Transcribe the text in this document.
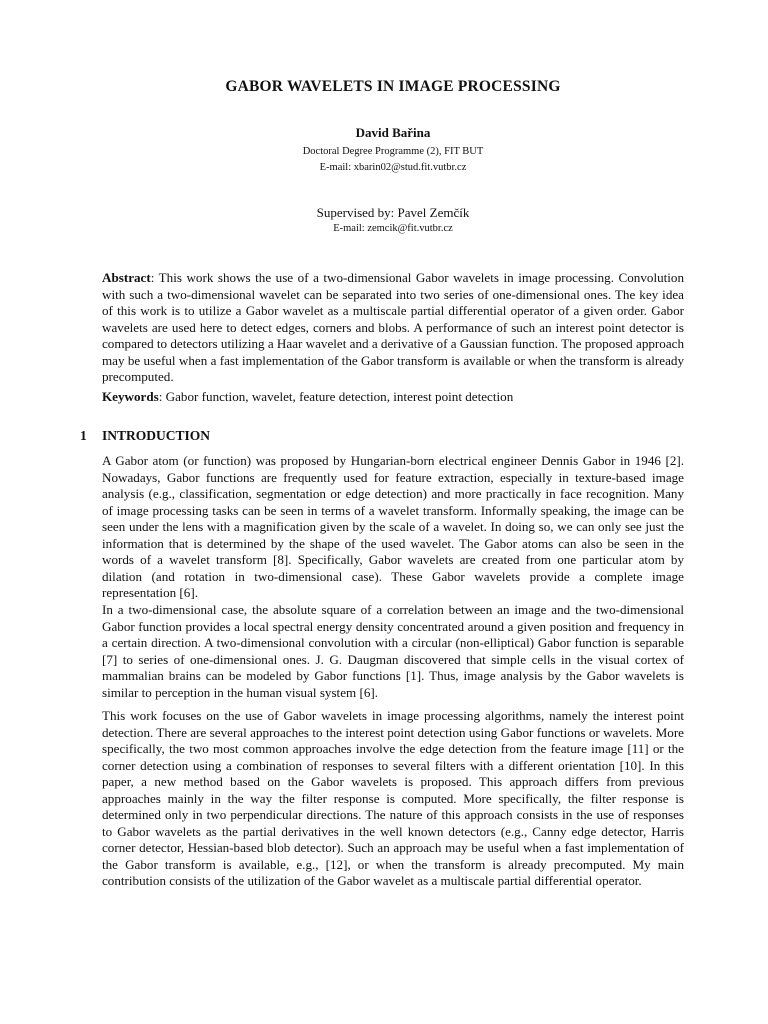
GABOR WAVELETS IN IMAGE PROCESSING

David Bařina

Doctoral Degree Programme (2), FIT BUT

E-mail: xbarin02@stud.fit.vutbr.cz

Supervised by: Pavel Zemčík

E-mail: zemcik@fit.vutbr.cz

Abstract: This work shows the use of a two-dimensional Gabor wavelets in image processing. Convolution with such a two-dimensional wavelet can be separated into two series of one-dimensional ones. The key idea of this work is to utilize a Gabor wavelet as a multiscale partial differential operator of a given order. Gabor wavelets are used here to detect edges, corners and blobs. A performance of such an interest point detector is compared to detectors utilizing a Haar wavelet and a derivative of a Gaussian function. The proposed approach may be useful when a fast implementation of the Gabor transform is available or when the transform is already precomputed.

Keywords: Gabor function, wavelet, feature detection, interest point detection

1 INTRODUCTION

A Gabor atom (or function) was proposed by Hungarian-born electrical engineer Dennis Gabor in 1946 [2]. Nowadays, Gabor functions are frequently used for feature extraction, especially in texture-based image analysis (e.g., classification, segmentation or edge detection) and more practically in face recognition. Many of image processing tasks can be seen in terms of a wavelet transform. Informally speaking, the image can be seen under the lens with a magnification given by the scale of a wavelet. In doing so, we can only see just the information that is determined by the shape of the used wavelet. The Gabor atoms can also be seen in the words of a wavelet transform [8]. Specifically, Gabor wavelets are created from one particular atom by dilation (and rotation in two-dimensional case). These Gabor wavelets provide a complete image representation [6].

In a two-dimensional case, the absolute square of a correlation between an image and the two-dimensional Gabor function provides a local spectral energy density concentrated around a given position and frequency in a certain direction. A two-dimensional convolution with a circular (non-elliptical) Gabor function is separable [7] to series of one-dimensional ones. J. G. Daugman discovered that simple cells in the visual cortex of mammalian brains can be modeled by Gabor functions [1]. Thus, image analysis by the Gabor wavelets is similar to perception in the human visual system [6].

This work focuses on the use of Gabor wavelets in image processing algorithms, namely the interest point detection. There are several approaches to the interest point detection using Gabor functions or wavelets. More specifically, the two most common approaches involve the edge detection from the feature image [11] or the corner detection using a combination of responses to several filters with a different orientation [10]. In this paper, a new method based on the Gabor wavelets is proposed. This approach differs from previous approaches mainly in the way the filter response is computed. More specifically, the filter response is determined only in two perpendicular directions. The nature of this approach consists in the use of responses to Gabor wavelets as the partial derivatives in the well known detectors (e.g., Canny edge detector, Harris corner detector, Hessian-based blob detector). Such an approach may be useful when a fast implementation of the Gabor transform is available, e.g., [12], or when the transform is already precomputed. My main contribution consists of the utilization of the Gabor wavelet as a multiscale partial differential operator.
